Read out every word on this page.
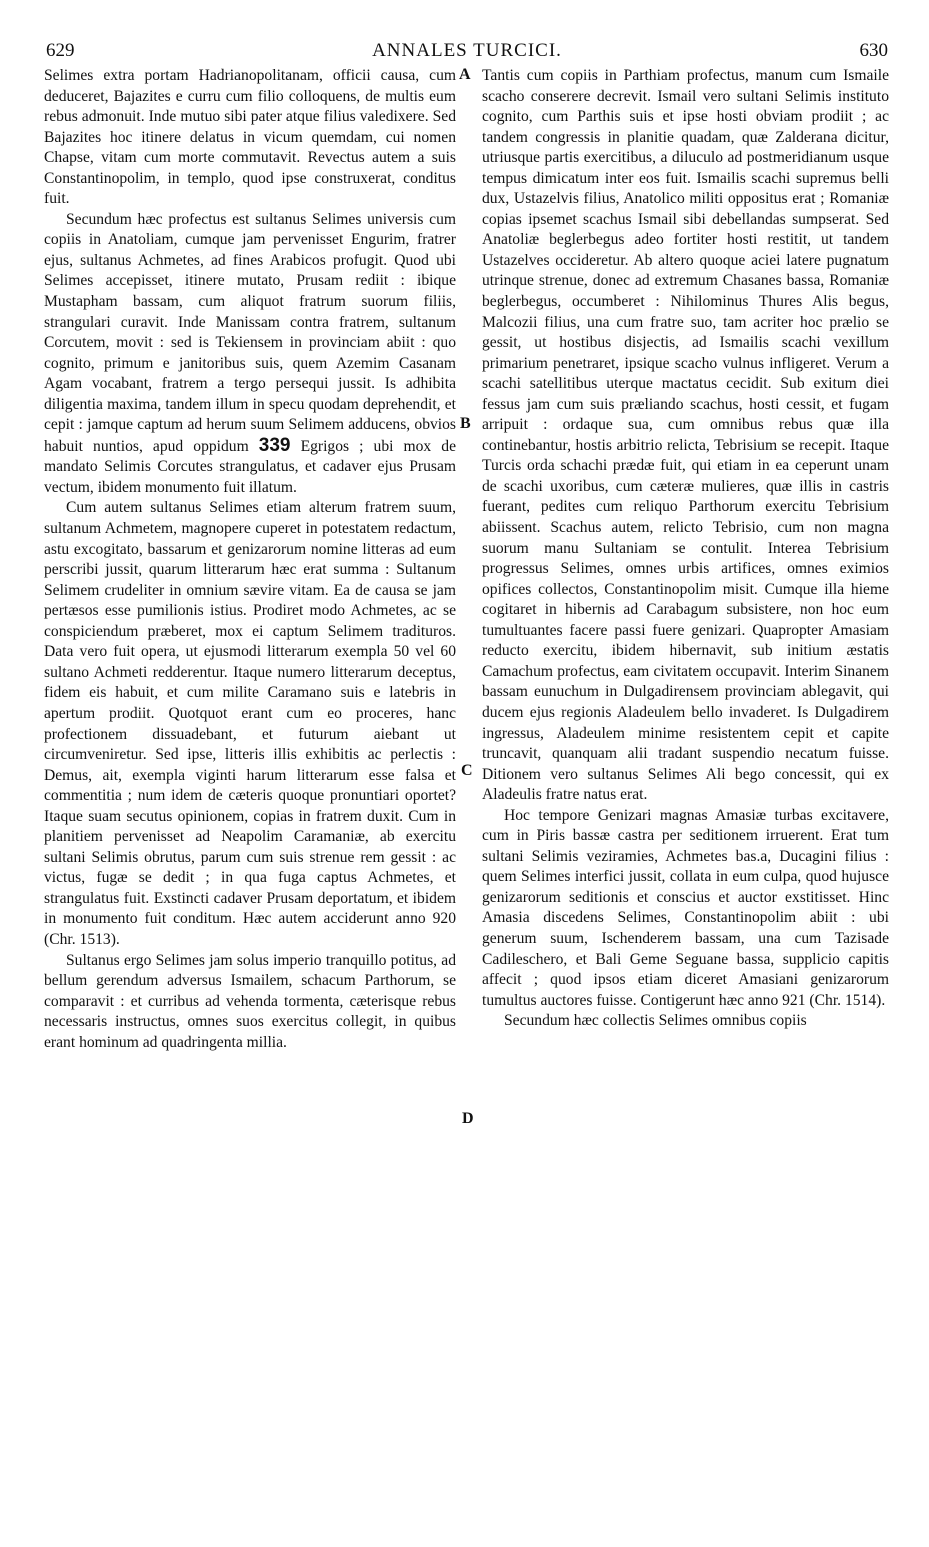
629	ANNALES TURCICI.	630
A
B
C
D

Selimes extra portam Hadrianopolitanam, officii causa, cum deduceret, Bajazites e curru cum filio colloquens, de multis eum rebus admonuit. Inde mutuo sibi pater atque filius valedixere. Sed Bajazites hoc itinere delatus in vicum quemdam, cui nomen Chapse, vitam cum morte commutavit. Revectus autem a suis Constantinopolim, in templo, quod ipse construxerat, conditus fuit.

Secundum hæc profectus est sultanus Selimes universis cum copiis in Anatoliam, cumque jam pervenisset Engurim, fratrer ejus, sultanus Achmetes, ad fines Arabicos profugit. Quod ubi Selimes accepisset, itinere mutato, Prusam rediit : ibique Mustapham bassam, cum aliquot fratrum suorum filiis, strangulari curavit. Inde Manissam contra fratrem, sultanum Corcutem, movit : sed is Tekiensem in provinciam abiit : quo cognito, primum e janitoribus suis, quem Azemim Casanam Agam vocabant, fratrem a tergo persequi jussit. Is adhibita diligentia maxima, tandem illum in specu quodam deprehendit, et cepit : jamque captum ad herum suum Selimem adducens, obvios habuit nuntios, apud oppidum 339 Egrigos ; ubi mox de mandato Selimis Corcutes strangulatus, et cadaver ejus Prusam vectum, ibidem monumento fuit illatum.

Cum autem sultanus Selimes etiam alterum fratrem suum, sultanum Achmetem, magnopere cuperet in potestatem redactum, astu excogitato, bassarum et genizarorum nomine litteras ad eum perscribi jussit, quarum litterarum hæc erat summa : Sultanum Selimem crudeliter in omnium sævire vitam. Ea de causa se jam pertæsos esse pumilionis istius. Prodiret modo Achmetes, ac se conspiciendum præberet, mox ei captum Selimem tradituros. Data vero fuit opera, ut ejusmodi litterarum exempla 50 vel 60 sultano Achmeti redderentur. Itaque numero litterarum deceptus, fidem eis habuit, et cum milite Caramano suis e latebris in apertum prodiit. Quotquot erant cum eo proceres, hanc profectionem dissuadebant, et futurum aiebant ut circumveniretur. Sed ipse, litteris illis exhibitis ac perlectis : Demus, ait, exempla viginti harum litterarum esse falsa et commentitia ; num idem de cæteris quoque pronuntiari oportet? Itaque suam secutus opinionem, copias in fratrem duxit. Cum in planitiem pervenisset ad Neapolim Caramaniæ, ab exercitu sultani Selimis obrutus, parum cum suis strenue rem gessit : ac victus, fugæ se dedit ; in qua fuga captus Achmetes, et strangulatus fuit. Exstincti cadaver Prusam deportatum, et ibidem in monumento fuit conditum. Hæc autem acciderunt anno 920 (Chr. 1513).

Sultanus ergo Selimes jam solus imperio tranquillo potitus, ad bellum gerendum adversus Ismailem, schacum Parthorum, se comparavit : et curribus ad vehenda tormenta, cæterisque rebus necessaris instructus, omnes suos exercitus collegit, in quibus erant hominum ad quadringenta millia.

Tantis cum copiis in Parthiam profectus, manum cum Ismaile scacho conserere decrevit. Ismail vero sultani Selimis instituto cognito, cum Parthis suis et ipse hosti obviam prodiit ; ac tandem congressis in planitie quadam, quæ Zalderana dicitur, utriusque partis exercitibus, a diluculo ad postmeridianum usque tempus dimicatum inter eos fuit. Ismailis scachi supremus belli dux, Ustazelvis filius, Anatolico militi oppositus erat ; Romaniæ copias ipsemet scachus Ismail sibi debellandas sumpserat. Sed Anatoliæ beglerbegus adeo fortiter hosti restitit, ut tandem Ustazelves occideretur. Ab altero quoque aciei latere pugnatum utrinque strenue, donec ad extremum Chasanes bassa, Romaniæ beglerbegus, occumberet : Nihilominus Thures Alis begus, Malcozii filius, una cum fratre suo, tam acriter hoc prælio se gessit, ut hostibus disjectis, ad Ismailis scachi vexillum primarium penetraret, ipsique scacho vulnus infligeret. Verum a scachi satellitibus uterque mactatus cecidit. Sub exitum diei fessus jam cum suis præliando scachus, hosti cessit, et fugam arripuit : ordaque sua, cum omnibus rebus quæ illa continebantur, hostis arbitrio relicta, Tebrisium se recepit. Itaque Turcis orda schachi prædæ fuit, qui etiam in ea ceperunt unam de scachi uxoribus, cum cæteræ mulieres, quæ illis in castris fuerant, pedites cum reliquo Parthorum exercitu Tebrisium abiissent. Scachus autem, relicto Tebrisio, cum non magna suorum manu Sultaniam se contulit. Interea Tebrisium progressus Selimes, omnes urbis artifices, omnes eximios opifices collectos, Constantinopolim misit. Cumque illa hieme cogitaret in hibernis ad Carabagum subsistere, non hoc eum tumultuantes facere passi fuere genizari. Quapropter Amasiam reducto exercitu, ibidem hibernavit, sub initium æstatis Camachum profectus, eam civitatem occupavit. Interim Sinanem bassam eunuchum in Dulgadirensem provinciam ablegavit, qui ducem ejus regionis Aladeulem bello invaderet. Is Dulgadirem ingressus, Aladeulem minime resistentem cepit et capite truncavit, quanquam alii tradant suspendio necatum fuisse. Ditionem vero sultanus Selimes Ali bego concessit, qui ex Aladeulis fratre natus erat.

Hoc tempore Genizari magnas Amasiæ turbas excitavere, cum in Piris bassæ castra per seditionem irruerent. Erat tum sultani Selimis veziramies, Achmetes bas.a, Ducagini filius : quem Selimes interfici jussit, collata in eum culpa, quod hujusce genizarorum seditionis et conscius et auctor exstitisset. Hinc Amasia discedens Selimes, Constantinopolim abiit : ubi generum suum, Ischenderem bassam, una cum Tazisade Cadileschero, et Bali Geme Seguane bassa, supplicio capitis affecit ; quod ipsos etiam diceret Amasiani genizarorum tumultus auctores fuisse. Contigerunt hæc anno 921 (Chr. 1514).

Secundum hæc collectis Selimes omnibus copiis
